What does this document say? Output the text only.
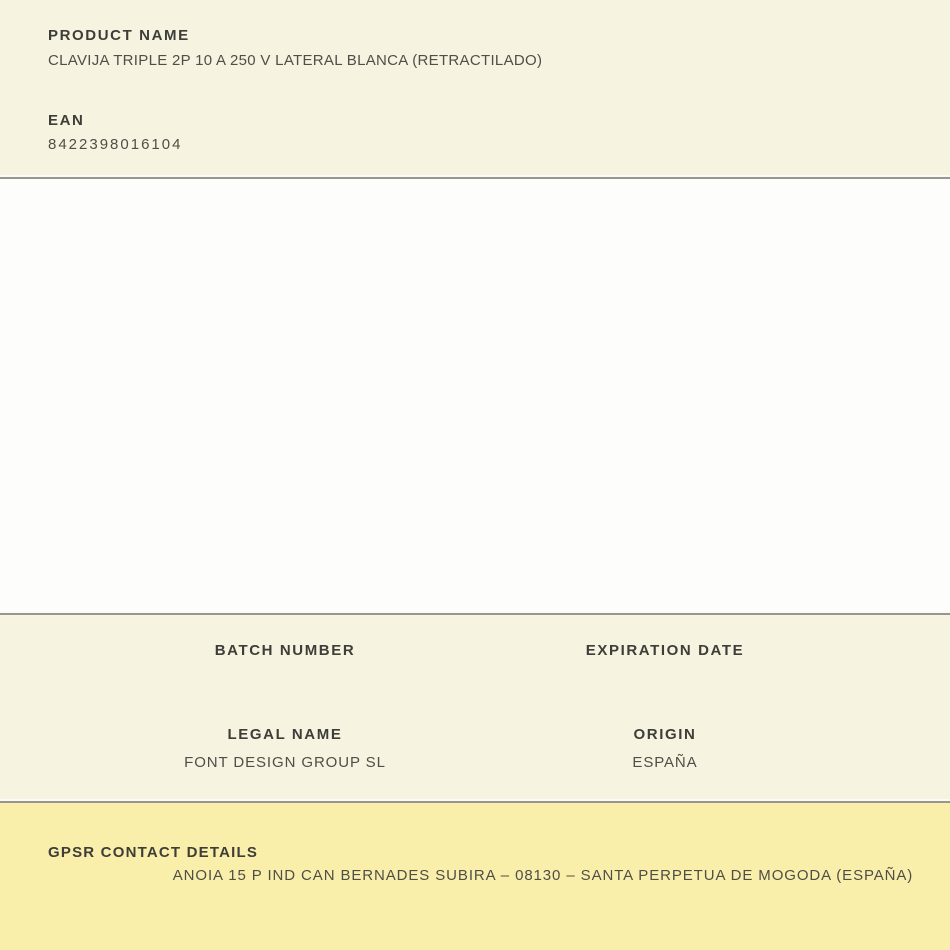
PRODUCT NAME
CLAVIJA TRIPLE 2P 10 A 250 V LATERAL BLANCA (RETRACTILADO)
EAN
8422398016104
BATCH NUMBER	EXPIRATION DATE
LEGAL NAME	ORIGIN
FONT DESIGN GROUP SL	ESPAÑA
GPSR CONTACT DETAILS
ANOIA 15 P IND CAN BERNADES SUBIRA – 08130 – SANTA PERPETUA DE MOGODA (ESPAÑA)
